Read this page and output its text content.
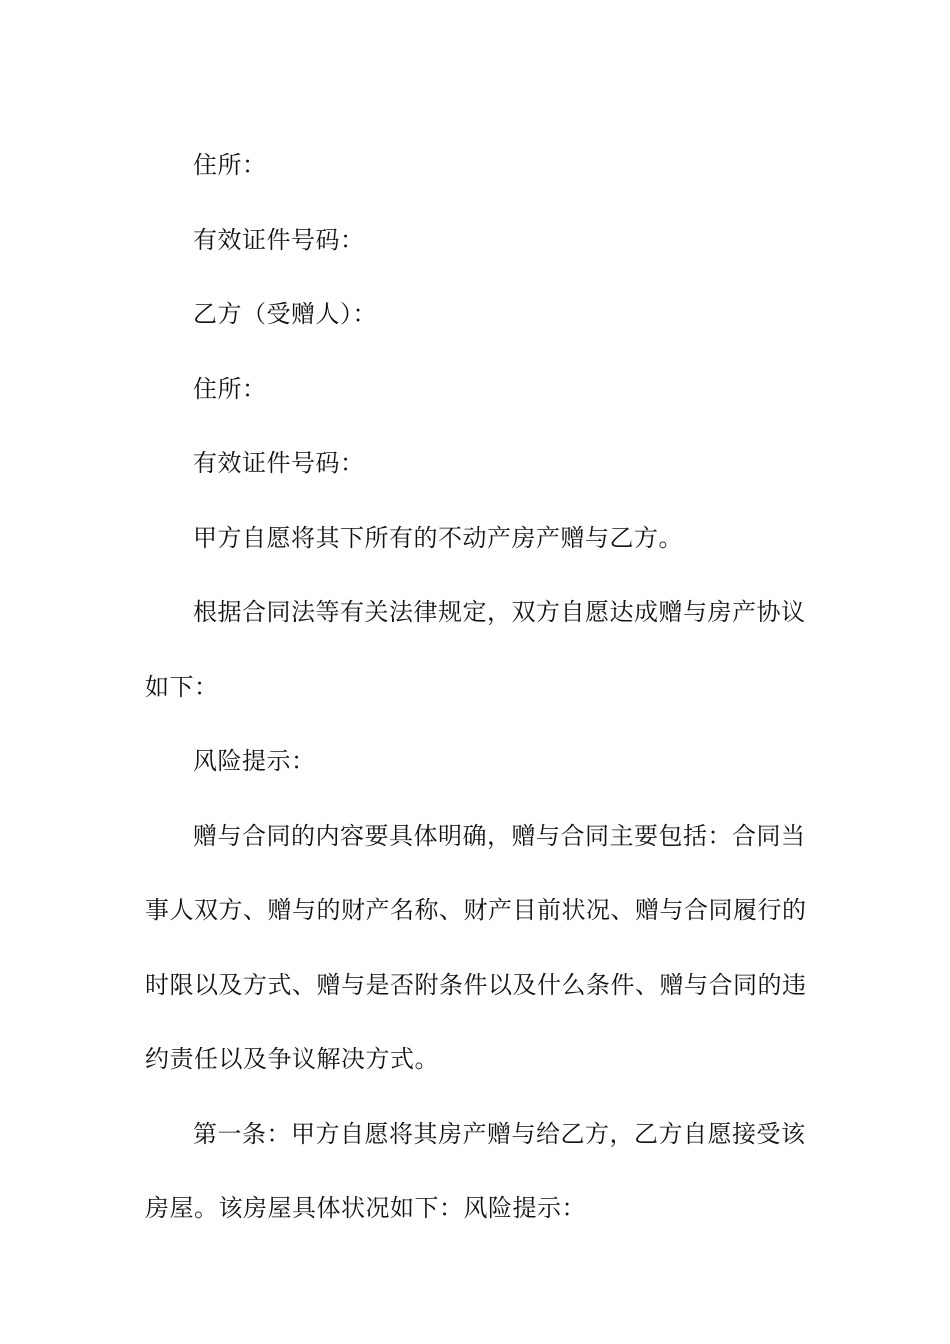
住所：

有效证件号码：

乙方（受赠人）：

住所：

有效证件号码：

甲方自愿将其下所有的不动产房产赠与乙方。

根据合同法等有关法律规定，双方自愿达成赠与房产协议如下：

风险提示：

赠与合同的内容要具体明确，赠与合同主要包括：合同当事人双方、赠与的财产名称、财产目前状况、赠与合同履行的时限以及方式、赠与是否附条件以及什么条件、赠与合同的违约责任以及争议解决方式。

第一条：甲方自愿将其房产赠与给乙方，乙方自愿接受该房屋。该房屋具体状况如下：风险提示：
